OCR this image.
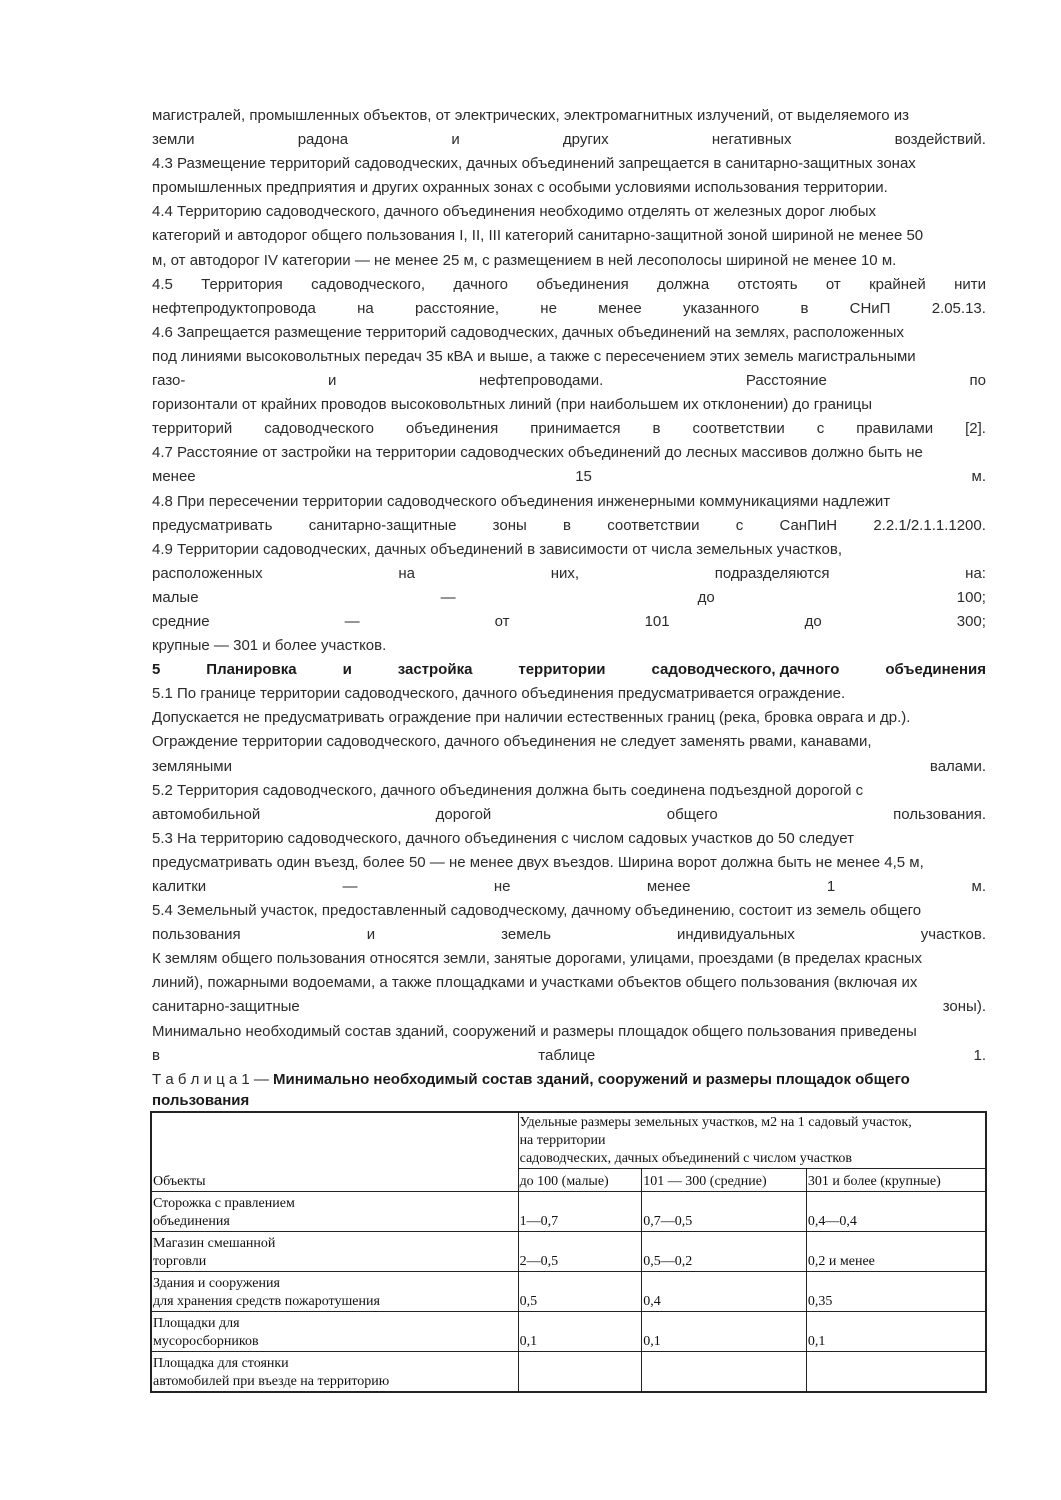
магистралей, промышленных объектов, от электрических, электромагнитных излучений, от выделяемого из
земли	радона	и	других	негативных	воздействий.
4.3 Размещение территорий садоводческих, дачных объединений запрещается в санитарно-защитных зонах
промышленных предприятия и других охранных зонах с особыми условиями использования территории.
4.4 Территорию садоводческого, дачного объединения необходимо отделять от железных дорог любых
категорий и автодорог общего пользования I, II, III категорий санитарно-защитной зоной шириной не менее 50
м, от автодорог IV категории — не менее 25 м, с размещением в ней лесополосы шириной не менее 10 м.
4.5 Территория садоводческого, дачного объединения должна отстоять от крайней нити
нефтепродуктопровода	на	расстояние,	не	менее	указанного	в	СНиП	2.05.13.
4.6 Запрещается размещение территорий садоводческих, дачных объединений на землях, расположенных
под линиями высоковольтных передач 35 кВА и выше, а также с пересечением этих земель магистральными
газо-	и	нефтепроводами.	Расстояние	по
горизонтали от крайних проводов высоковольтных линий (при наибольшем их отклонении) до границы
территорий садоводческого объединения принимается в соответствии с правилами [2].
4.7 Расстояние от застройки на территории садоводческих объединений до лесных массивов должно быть не
менее	15	м.
4.8 При пересечении территории садоводческого объединения инженерными коммуникациями надлежит
предусматривать санитарно-защитные зоны в соответствии с СанПиН 2.2.1/2.1.1.1200.
4.9 Территории садоводческих, дачных объединений в зависимости от числа земельных участков,
расположенных	на	них,	подразделяются	на:
малые	—	до	100;
средние	—	от	101	до	300;
крупные — 301 и более участков.
5	Планировка	и	застройка	территории	садоводческого, дачного	объединения
5.1 По границе территории садоводческого, дачного объединения предусматривается ограждение.
Допускается не предусматривать ограждение при наличии естественных границ (река, бровка оврага и др.).
Ограждение территории садоводческого, дачного объединения не следует заменять рвами, канавами,
земляными	валами.
5.2 Территория садоводческого, дачного объединения должна быть соединена подъездной дорогой с
автомобильной	дорогой	общего	пользования.
5.3 На территорию садоводческого, дачного объединения с числом садовых участков до 50 следует
предусматривать один въезд, более 50 — не менее двух въездов. Ширина ворот должна быть не менее 4,5 м,
калитки	—	не	менее	1	м.
5.4 Земельный участок, предоставленный садоводческому, дачному объединению, состоит из земель общего
пользования	и	земель	индивидуальных	участков.
К землям общего пользования относятся земли, занятые дорогами, улицами, проездами (в пределах красных
линий), пожарными водоемами, а также площадками и участками объектов общего пользования (включая их
санитарно-защитные	зоны).
Минимально необходимый состав зданий, сооружений и размеры площадок общего пользования приведены
в	таблице	1.
Т а б л и ц а 1 — Минимально необходимый состав зданий, сооружений и размеры площадок общего
пользования
Объекты	Удельные размеры земельных участков, м2 на 1 садовый участок,
на территории
садоводческих, дачных объединений с числом участков		

	до 100 (малые)	101 — 300 (средние)	301 и более (крупные)

Сторожка с правлением
объединения	1—0,7	0,7—0,5	0,4—0,4

Магазин смешанной
торговли	2—0,5	0,5—0,2	0,2 и менее

Здания и сооружения
для хранения средств пожаротушения	0,5	0,4	0,35

Площадки для
мусоросборников	0,1	0,1	0,1

Площадка для стоянки
автомобилей при въезде на территорию			
